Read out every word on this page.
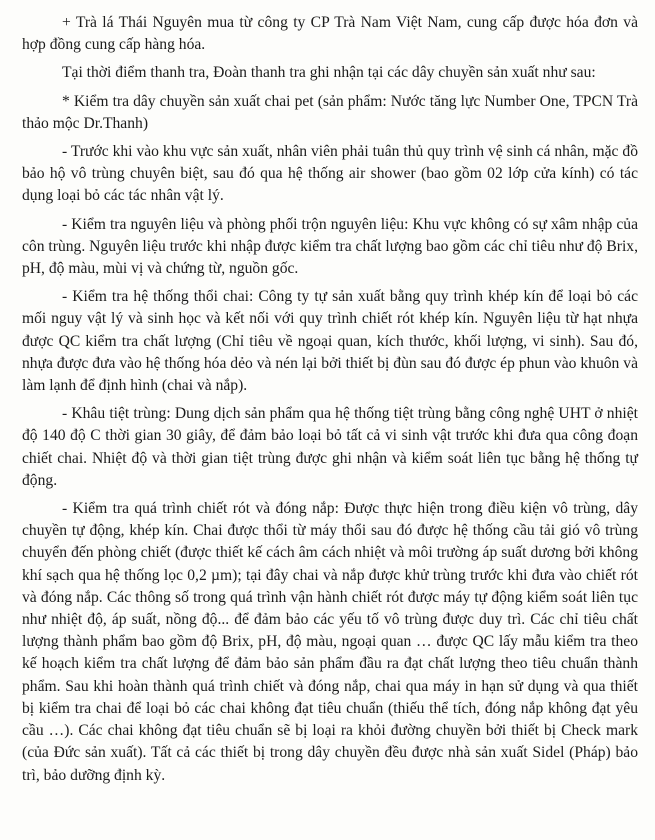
+ Trà lá Thái Nguyên mua từ công ty CP Trà Nam Việt Nam, cung cấp được hóa đơn và hợp đồng cung cấp hàng hóa.

Tại thời điểm thanh tra, Đoàn thanh tra ghi nhận tại các dây chuyền sản xuất như sau:

* Kiểm tra dây chuyền sản xuất chai pet (sản phẩm: Nước tăng lực Number One, TPCN Trà thảo mộc Dr.Thanh)

- Trước khi vào khu vực sản xuất, nhân viên phải tuân thủ quy trình vệ sinh cá nhân, mặc đồ bảo hộ vô trùng chuyên biệt, sau đó qua hệ thống air shower (bao gồm 02 lớp cửa kính) có tác dụng loại bỏ các tác nhân vật lý.

- Kiểm tra nguyên liệu và phòng phối trộn nguyên liệu: Khu vực không có sự xâm nhập của côn trùng. Nguyên liệu trước khi nhập được kiểm tra chất lượng bao gồm các chỉ tiêu như độ Brix, pH, độ màu, mùi vị và chứng từ, nguồn gốc.

- Kiểm tra hệ thống thổi chai: Công ty tự sản xuất bằng quy trình khép kín để loại bỏ các mối nguy vật lý và sinh học và kết nối với quy trình chiết rót khép kín. Nguyên liệu từ hạt nhựa được QC kiểm tra chất lượng (Chỉ tiêu về ngoại quan, kích thước, khối lượng, vi sinh). Sau đó, nhựa được đưa vào hệ thống hóa dẻo và nén lại bởi thiết bị đùn sau đó được ép phun vào khuôn và làm lạnh để định hình (chai và nắp).

- Khâu tiệt trùng: Dung dịch sản phẩm qua hệ thống tiệt trùng bằng công nghệ UHT ở nhiệt độ 140 độ C thời gian 30 giây, để đảm bảo loại bỏ tất cả vi sinh vật trước khi đưa qua công đoạn chiết chai. Nhiệt độ và thời gian tiệt trùng được ghi nhận và kiểm soát liên tục bằng hệ thống tự động.

- Kiểm tra quá trình chiết rót và đóng nắp: Được thực hiện trong điều kiện vô trùng, dây chuyền tự động, khép kín. Chai được thổi từ máy thổi sau đó được hệ thống cầu tải gió vô trùng chuyển đến phòng chiết (được thiết kế cách âm cách nhiệt và môi trường áp suất dương bởi không khí sạch qua hệ thống lọc 0,2 µm); tại đây chai và nắp được khử trùng trước khi đưa vào chiết rót và đóng nắp. Các thông số trong quá trình vận hành chiết rót được máy tự động kiểm soát liên tục như nhiệt độ, áp suất, nồng độ... để đảm bảo các yếu tố vô trùng được duy trì. Các chỉ tiêu chất lượng thành phẩm bao gồm độ Brix, pH, độ màu, ngoại quan … được QC lấy mẫu kiểm tra theo kế hoạch kiểm tra chất lượng để đảm bảo sản phẩm đầu ra đạt chất lượng theo tiêu chuẩn thành phẩm. Sau khi hoàn thành quá trình chiết và đóng nắp, chai qua máy in hạn sử dụng và qua thiết bị kiểm tra chai để loại bỏ các chai không đạt tiêu chuẩn (thiếu thể tích, đóng nắp không đạt yêu cầu …). Các chai không đạt tiêu chuẩn sẽ bị loại ra khỏi đường chuyền bởi thiết bị Check mark (của Đức sản xuất). Tất cả các thiết bị trong dây chuyền đều được nhà sản xuất Sidel (Pháp) bảo trì, bảo dưỡng định kỳ.
